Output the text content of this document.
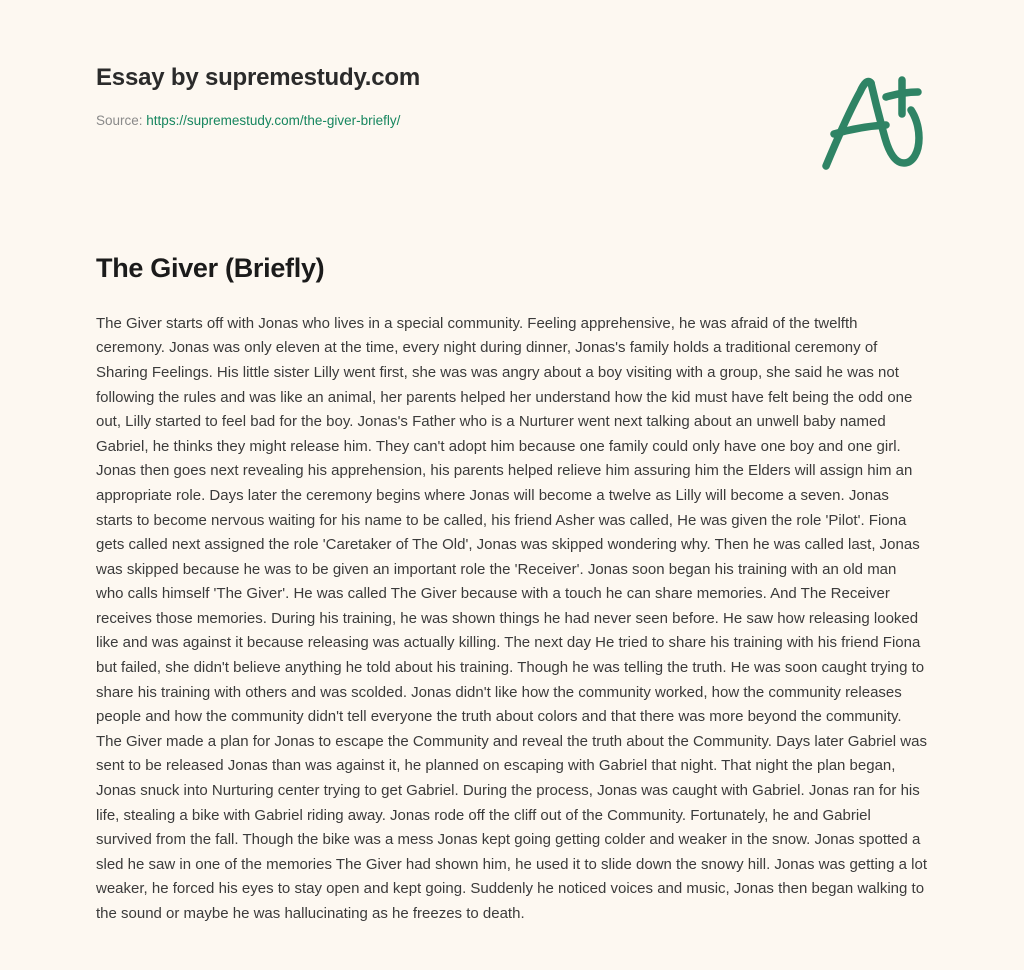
Essay by supremestudy.com
Source: https://supremestudy.com/the-giver-briefly/
The Giver (Briefly)

The Giver starts off with Jonas who lives in a special community. Feeling apprehensive, he was afraid of the twelfth ceremony. Jonas was only eleven at the time, every night during dinner, Jonas's family holds a traditional ceremony of Sharing Feelings. His little sister Lilly went first, she was was angry about a boy visiting with a group, she said he was not following the rules and was like an animal, her parents helped her understand how the kid must have felt being the odd one out, Lilly started to feel bad for the boy. Jonas's Father who is a Nurturer went next talking about an unwell baby named Gabriel, he thinks they might release him. They can't adopt him because one family could only have one boy and one girl. Jonas then goes next revealing his apprehension, his parents helped relieve him assuring him the Elders will assign him an appropriate role. Days later the ceremony begins where Jonas will become a twelve as Lilly will become a seven. Jonas starts to become nervous waiting for his name to be called, his friend Asher was called, He was given the role 'Pilot'. Fiona gets called next assigned the role 'Caretaker of The Old', Jonas was skipped wondering why. Then he was called last, Jonas was skipped because he was to be given an important role the 'Receiver'. Jonas soon began his training with an old man who calls himself 'The Giver'. He was called The Giver because with a touch he can share memories. And The Receiver receives those memories. During his training, he was shown things he had never seen before. He saw how releasing looked like and was against it because releasing was actually killing. The next day He tried to share his training with his friend Fiona but failed, she didn't believe anything he told about his training. Though he was telling the truth. He was soon caught trying to share his training with others and was scolded. Jonas didn't like how the community worked, how the community releases people and how the community didn't tell everyone the truth about colors and that there was more beyond the community. The Giver made a plan for Jonas to escape the Community and reveal the truth about the Community. Days later Gabriel was sent to be released Jonas than was against it, he planned on escaping with Gabriel that night. That night the plan began, Jonas snuck into Nurturing center trying to get Gabriel. During the process, Jonas was caught with Gabriel. Jonas ran for his life, stealing a bike with Gabriel riding away. Jonas rode off the cliff out of the Community. Fortunately, he and Gabriel survived from the fall. Though the bike was a mess Jonas kept going getting colder and weaker in the snow. Jonas spotted a sled he saw in one of the memories The Giver had shown him, he used it to slide down the snowy hill. Jonas was getting a lot weaker, he forced his eyes to stay open and kept going. Suddenly he noticed voices and music, Jonas then began walking to the sound or maybe he was hallucinating as he freezes to death.
